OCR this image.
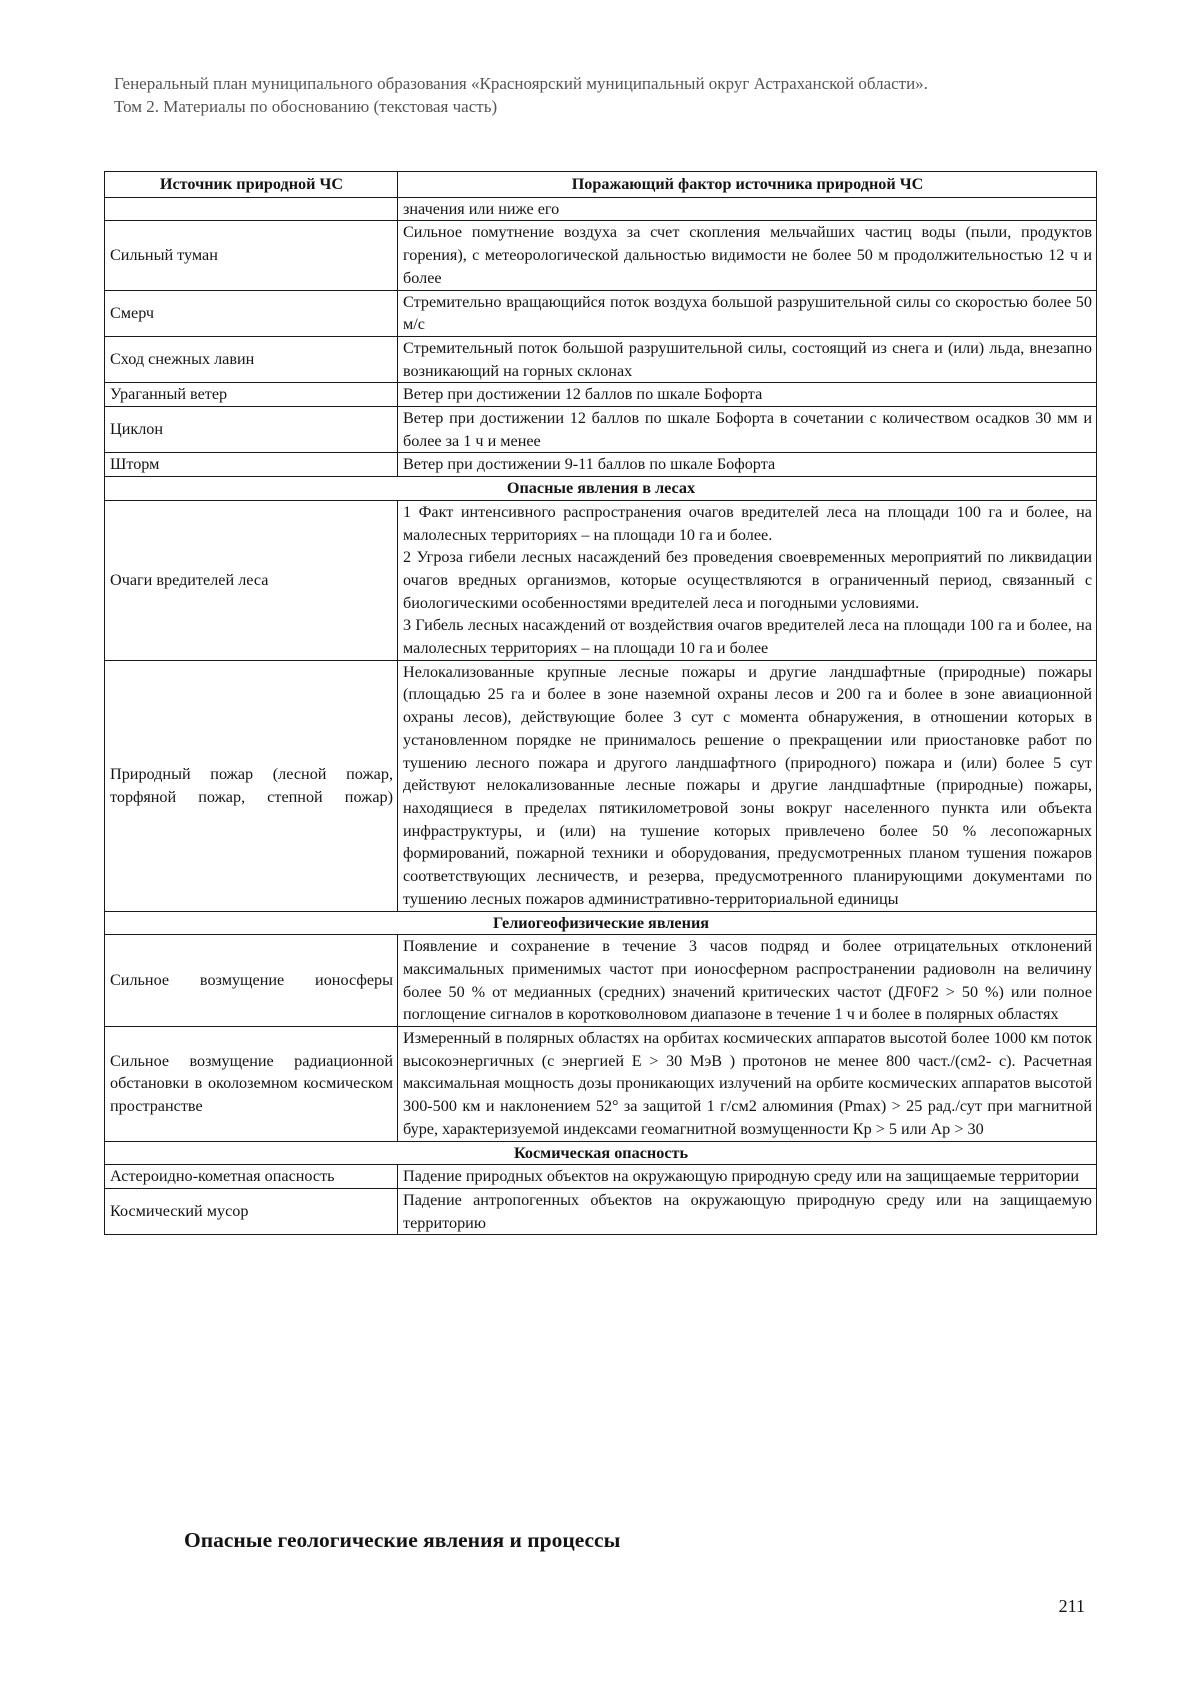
Генеральный план муниципального образования «Красноярский муниципальный округ Астраханской области».
Том 2. Материалы по обоснованию (текстовая часть)
Источник природной ЧС	Поражающий фактор источника природной ЧС
	значения или ниже его
Сильный туман	Сильное помутнение воздуха за счет скопления мельчайших частиц воды (пыли, продуктов горения), с метеорологической дальностью видимости не более 50 м продолжительностью 12 ч и более
Смерч	Стремительно вращающийся поток воздуха большой разрушительной силы со скоростью более 50 м/с
Сход снежных лавин	Стремительный поток большой разрушительной силы, состоящий из снега и (или) льда, внезапно возникающий на горных склонах
Ураганный ветер	Ветер при достижении 12 баллов по шкале Бофорта
Циклон	Ветер при достижении 12 баллов по шкале Бофорта в сочетании с количеством осадков 30 мм и более за 1 ч и менее
Шторм	Ветер при достижении 9-11 баллов по шкале Бофорта
Опасные явления в лесах	
Очаги вредителей леса	1 Факт интенсивного распространения очагов вредителей леса на площади 100 га и более, на малолесных территориях – на площади 10 га и более.

2 Угроза гибели лесных насаждений без проведения своевременных мероприятий по ликвидации очагов вредных организмов, которые осуществляются в ограниченный период, связанный с биологическими особенностями вредителей леса и погодными условиями.

3 Гибель лесных насаждений от воздействия очагов вредителей леса на площади 100 га и более, на малолесных территориях – на площади 10 га и более

Природный пожар (лесной пожар, торфяной пожар, степной пожар)	Нелокализованные крупные лесные пожары и другие ландшафтные (природные) пожары (площадью 25 га и более в зоне наземной охраны лесов и 200 га и более в зоне авиационной охраны лесов), действующие более 3 сут с момента обнаружения, в отношении которых в установленном порядке не принималось решение о прекращении или приостановке работ по тушению лесного пожара и другого ландшафтного (природного) пожара и (или) более 5 сут действуют нелокализованные лесные пожары и другие ландшафтные (природные) пожары, находящиеся в пределах пятикилометровой зоны вокруг населенного пункта или объекта инфраструктуры, и (или) на тушение которых привлечено более 50 % лесопожарных формирований, пожарной техники и оборудования, предусмотренных планом тушения пожаров соответствующих лесничеств, и резерва, предусмотренного планирующими документами по тушению лесных пожаров административно-территориальной единицы
Гелиогеофизические явления	
Сильное возмущение ионосферы	Появление и сохранение в течение 3 часов подряд и более отрицательных отклонений максимальных применимых частот при ионосферном распространении радиоволн на величину более 50 % от медианных (средних) значений критических частот (ДF0F2 > 50 %) или полное поглощение сигналов в коротковолновом диапазоне в течение 1 ч и более в полярных областях
Сильное возмущение радиационной обстановки в околоземном космическом пространстве	Измеренный в полярных областях на орбитах космических аппаратов высотой более 1000 км поток высокоэнергичных (с энергией Е > 30 МэВ ) протонов не менее 800 част./(см2- с). Расчетная максимальная мощность дозы проникающих излучений на орбите космических аппаратов высотой 300-500 км и наклонением 52° за защитой 1 г/см2 алюминия (Pmax) > 25 рад./сут при магнитной буре, характеризуемой индексами геомагнитной возмущенности Кр > 5 или Ар > 30
Космическая опасность	
Астероидно-кометная опасность	Падение природных объектов на окружающую природную среду или на защищаемые территории
Космический мусор	Падение антропогенных объектов на окружающую природную среду или на защищаемую территорию
Опасные геологические явления и процессы
211
